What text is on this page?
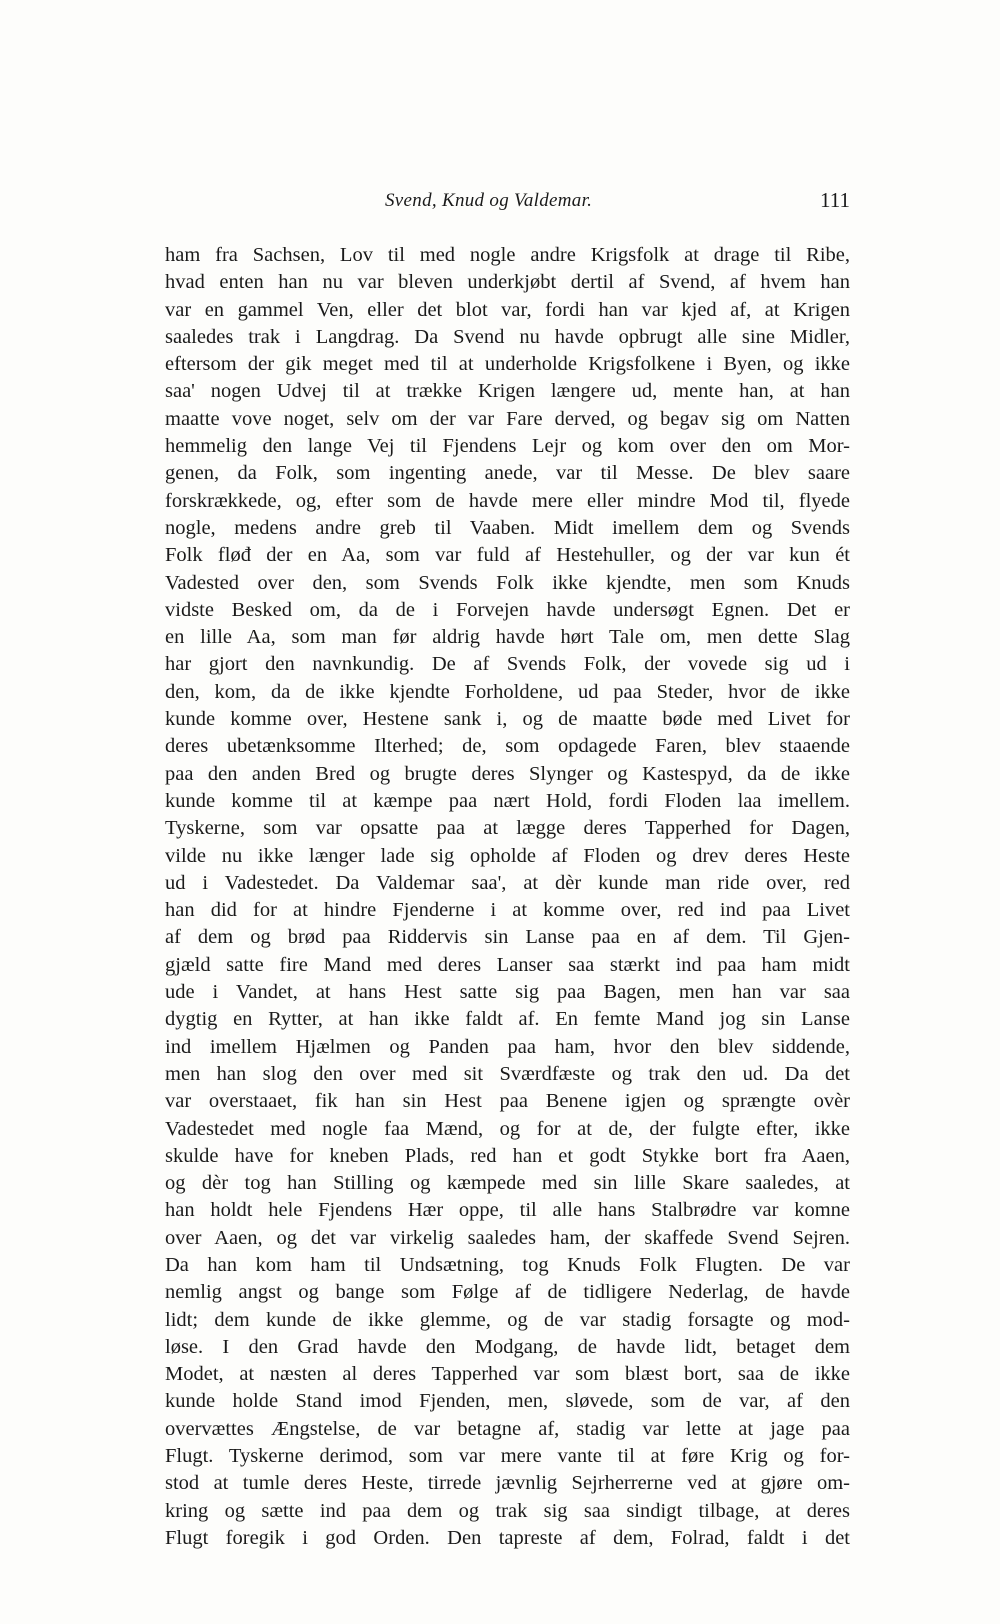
Svend, Knud og Valdemar.	111
ham fra Sachsen, Lov til med nogle andre Krigsfolk at drage til Ribe,
hvad enten han nu var bleven underkjøbt dertil af Svend, af hvem han
var en gammel Ven, eller det blot var, fordi han var kjed af, at Krigen
saaledes trak i Langdrag. Da Svend nu havde opbrugt alle sine Midler,
eftersom der gik meget med til at underholde Krigsfolkene i Byen, og ikke
saa' nogen Udvej til at trække Krigen længere ud, mente han, at han
maatte vove noget, selv om der var Fare derved, og begav sig om Natten
hemmelig den lange Vej til Fjendens Lejr og kom over den om Mor-
genen, da Folk, som ingenting anede, var til Messe. De blev saare
forskrækkede, og, efter som de havde mere eller mindre Mod til, flyede
nogle, medens andre greb til Vaaben. Midt imellem dem og Svends
Folk fløđ der en Aa, som var fuld af Hestehuller, og der var kun ét
Vadested over den, som Svends Folk ikke kjendte, men som Knuds
vidste Besked om, da de i Forvejen havde undersøgt Egnen. Det er
en lille Aa, som man før aldrig havde hørt Tale om, men dette Slag
har gjort den navnkundig. De af Svends Folk, der vovede sig ud i
den, kom, da de ikke kjendte Forholdene, ud paa Steder, hvor de ikke
kunde komme over, Hestene sank i, og de maatte bøde med Livet for
deres ubetænksomme Ilterhed; de, som opdagede Faren, blev staaende
paa den anden Bred og brugte deres Slynger og Kastespyd, da de ikke
kunde komme til at kæmpe paa nært Hold, fordi Floden laa imellem.
Tyskerne, som var opsatte paa at lægge deres Tapperhed for Dagen,
vilde nu ikke længer lade sig opholde af Floden og drev deres Heste
ud i Vadestedet. Da Valdemar saa', at dèr kunde man ride over, red
han did for at hindre Fjenderne i at komme over, red ind paa Livet
af dem og brød paa Riddervis sin Lanse paa en af dem. Til Gjen-
gjæld satte fire Mand med deres Lanser saa stærkt ind paa ham midt
ude i Vandet, at hans Hest satte sig paa Bagen, men han var saa
dygtig en Rytter, at han ikke faldt af. En femte Mand jog sin Lanse
ind imellem Hjælmen og Panden paa ham, hvor den blev siddende,
men han slog den over med sit Sværdfæste og trak den ud. Da det
var overstaaet, fik han sin Hest paa Benene igjen og sprængte ovèr
Vadestedet med nogle faa Mænd, og for at de, der fulgte efter, ikke
skulde have for kneben Plads, red han et godt Stykke bort fra Aaen,
og dèr tog han Stilling og kæmpede med sin lille Skare saaledes, at
han holdt hele Fjendens Hær oppe, til alle hans Stalbrødre var komne
over Aaen, og det var virkelig saaledes ham, der skaffede Svend Sejren.
Da han kom ham til Undsætning, tog Knuds Folk Flugten. De var
nemlig angst og bange som Følge af de tidligere Nederlag, de havde
lidt; dem kunde de ikke glemme, og de var stadig forsagte og mod-
løse. I den Grad havde den Modgang, de havde lidt, betaget dem
Modet, at næsten al deres Tapperhed var som blæst bort, saa de ikke
kunde holde Stand imod Fjenden, men, sløvede, som de var, af den
overvættes Ængstelse, de var betagne af, stadig var lette at jage paa
Flugt. Tyskerne derimod, som var mere vante til at føre Krig og for-
stod at tumle deres Heste, tirrede jævnlig Sejrherrerne ved at gjøre om-
kring og sætte ind paa dem og trak sig saa sindigt tilbage, at deres
Flugt foregik i god Orden. Den tapreste af dem, Folrad, faldt i det
